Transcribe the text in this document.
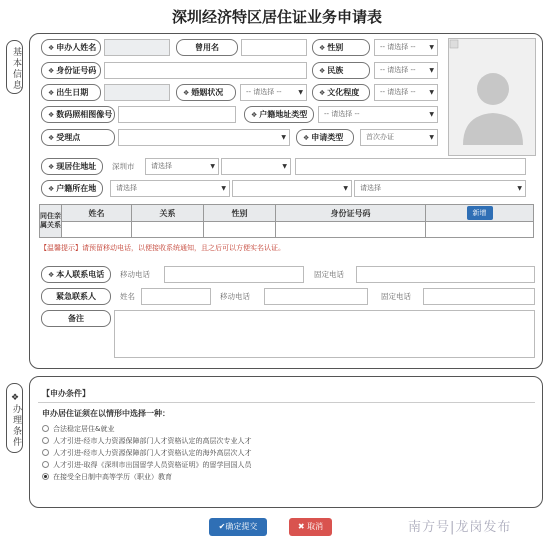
深圳经济特区居住证业务申请表
基本信息	❖ 申办人姓名	曾用名	❖ 性别	-- 请选择 -- ▼
❖ 身份证号码	❖ 民族	-- 请选择 -- ▼
❖ 出生日期	❖ 婚姻状况	-- 请选择 --	▼	❖ 文化程度	-- 请选择 -- ▼
❖ 数码照相图像号	❖ 户籍地址类型	-- 请选择 --	▼
❖ 受理点	▼	❖ 申请类型	首次办证	▼
❖ 现居住地址	深圳市	请选择	▼	▼
❖ 户籍所在地	请选择	▼	▼	请选择	▼
同住亲属关系	姓名	关系	性别	身份证号码	新增

【温馨提示】请预留移动电话，以便接收系统通知，且之后可以方便实名认证。
❖ 本人联系电话	移动电话	固定电话
紧急联系人	姓名	移动电话	固定电话
备注
❖办理条件
【申办条件】
申办居住证须在以情形中选择一种：
合法稳定居住&就业
人才引进-经市人力资源保障部门人才资格认定的高层次专业人才
人才引进-经市人力资源保障部门人才资格认定的海外高层次人才
人才引进-取得《深圳市出国留学人员资格证明》的留学回国人员
在接受全日制中高等学历（职业）教育
✔确定提交	✖ 取消	南方号|龙岗发布
